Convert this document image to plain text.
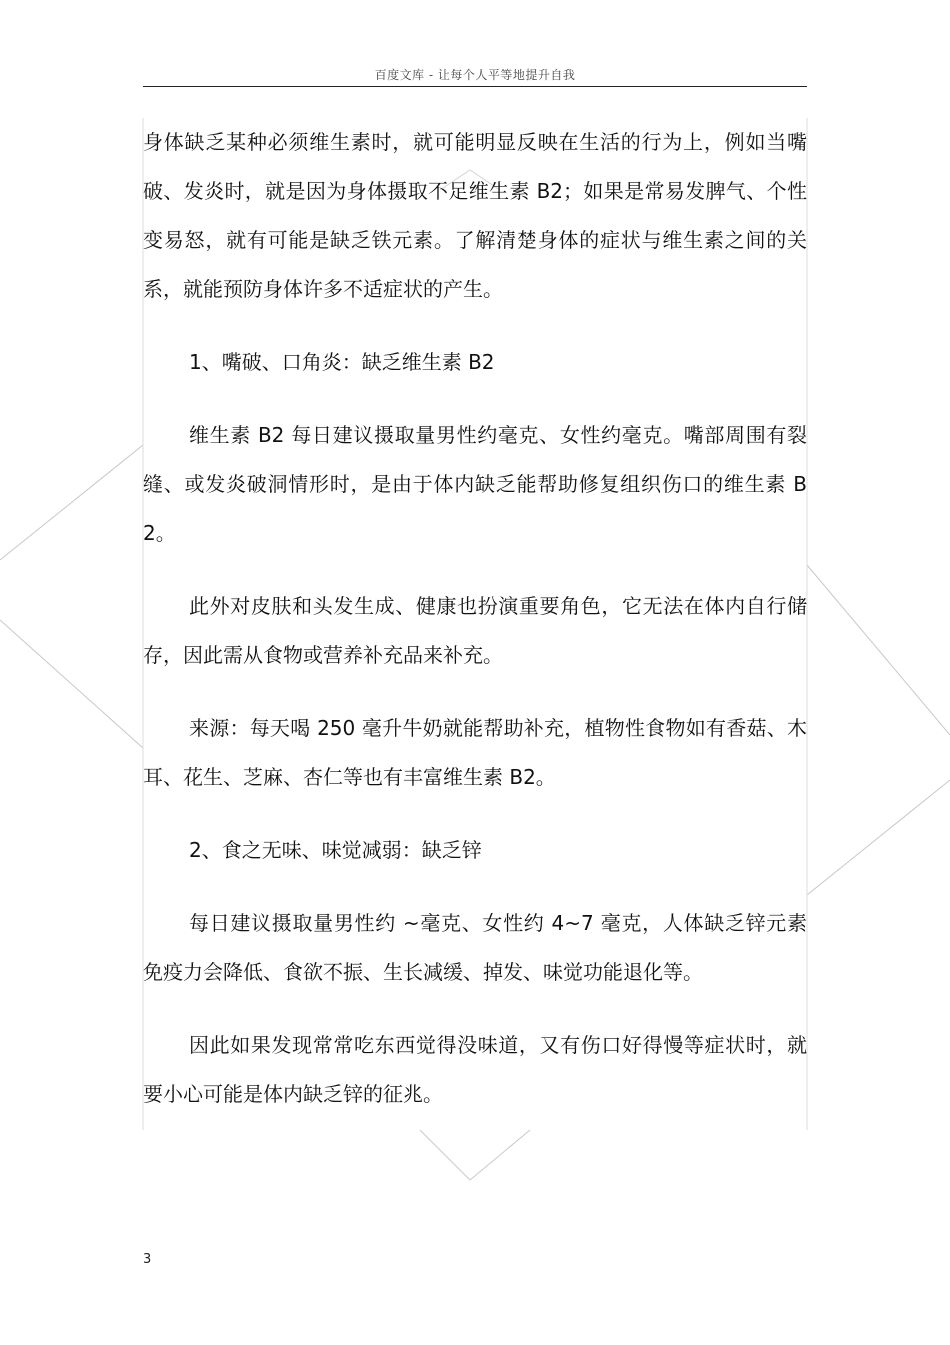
百度文库 - 让每个人平等地提升自我

身体缺乏某种必须维生素时，就可能明显反映在生活的行为上，例如当嘴破、发炎时，就是因为身体摄取不足维生素 B2；如果是常易发脾气、个性变易怒，就有可能是缺乏铁元素。了解清楚身体的症状与维生素之间的关系，就能预防身体许多不适症状的产生。

1、嘴破、口角炎：缺乏维生素 B2

维生素 B2 每日建议摄取量男性约毫克、女性约毫克。嘴部周围有裂缝、或发炎破洞情形时，是由于体内缺乏能帮助修复组织伤口的维生素 B2。

此外对皮肤和头发生成、健康也扮演重要角色，它无法在体内自行储存，因此需从食物或营养补充品来补充。

来源：每天喝 250 毫升牛奶就能帮助补充，植物性食物如有香菇、木耳、花生、芝麻、杏仁等也有丰富维生素 B2。

2、食之无味、味觉减弱：缺乏锌

每日建议摄取量男性约 ~毫克、女性约 4~7 毫克，人体缺乏锌元素免疫力会降低、食欲不振、生长减缓、掉发、味觉功能退化等。

因此如果发现常常吃东西觉得没味道，又有伤口好得慢等症状时，就要小心可能是体内缺乏锌的征兆。

3
